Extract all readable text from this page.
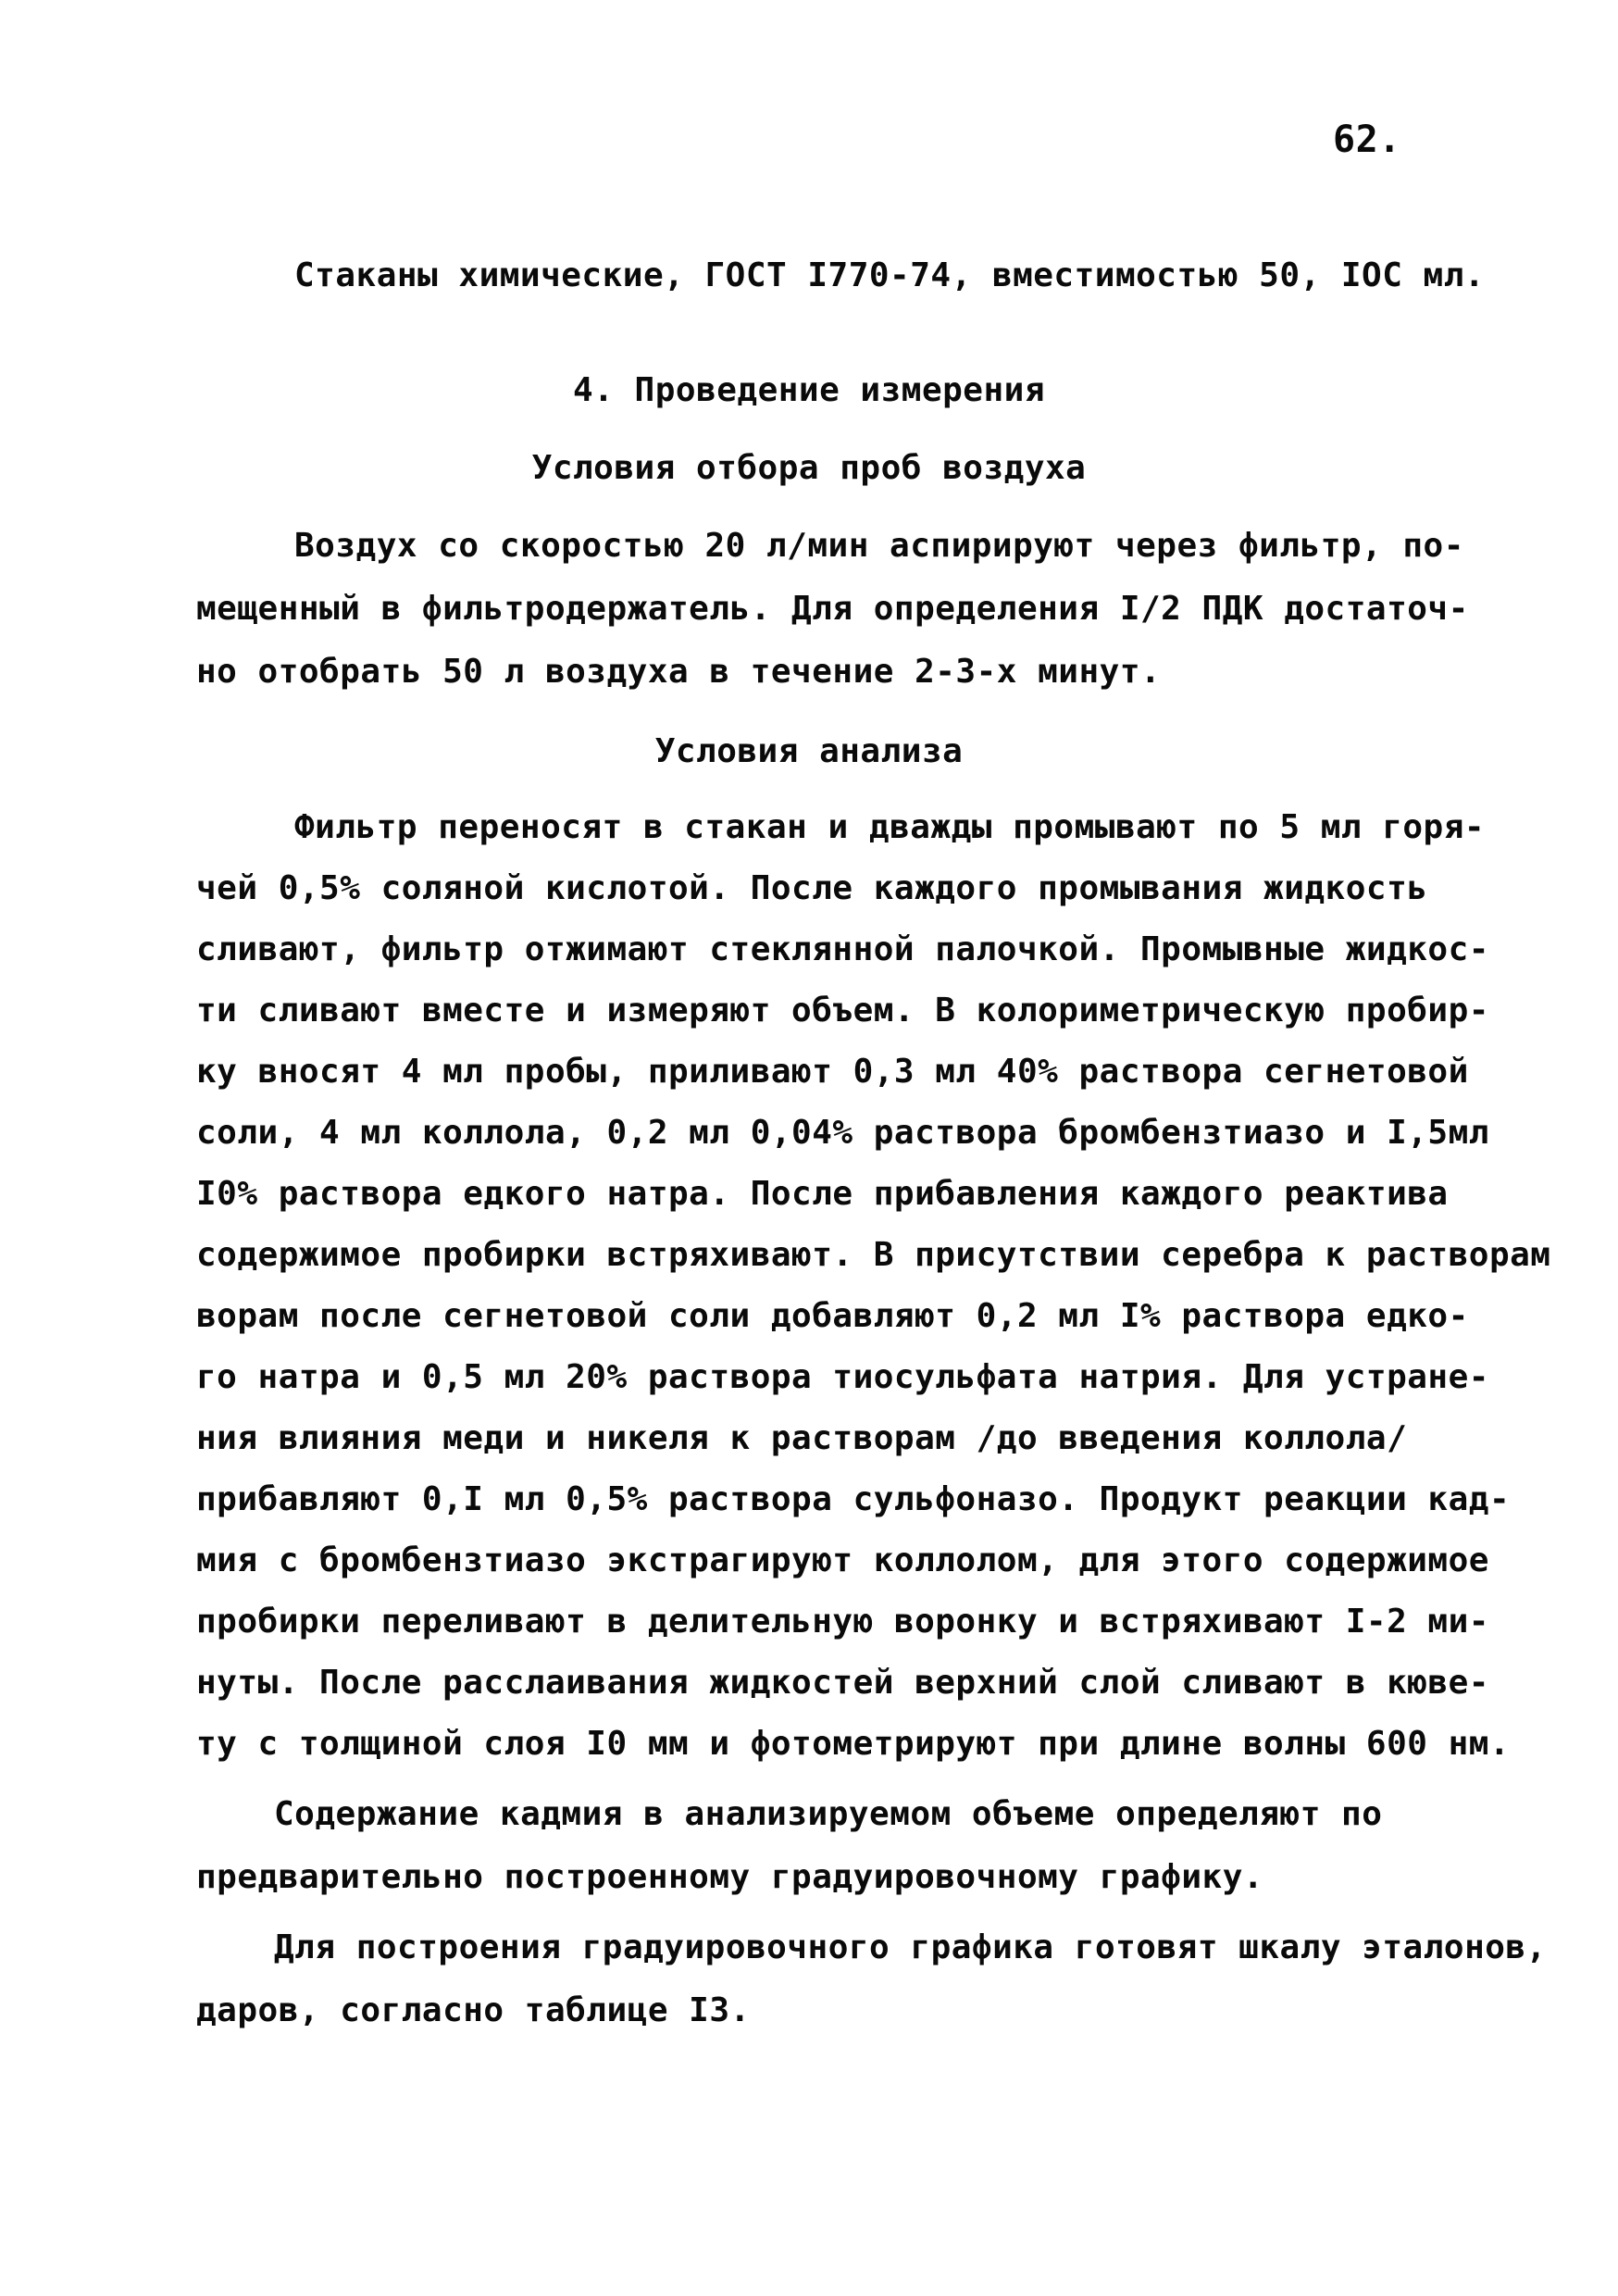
62.
Стаканы химические, ГОСТ I770-74, вместимостью 50, IOC мл.
4. Проведение измерения
Условия отбора проб воздуха
Воздух со скоростью 20 л/мин аспирируют через фильтр, по-
мещенный в фильтродержатель. Для определения I/2 ПДК достаточ-
но отобрать 50 л воздуха в течение 2-3-х минут.
Условия анализа
Фильтр переносят в стакан и дважды промывают по 5 мл горя-
чей 0,5% соляной кислотой. После каждого промывания жидкость
сливают, фильтр отжимают стеклянной палочкой. Промывные жидкос-
ти сливают вместе и измеряют объем. В колориметрическую пробир-
ку вносят 4 мл пробы, приливают 0,3 мл 40% раствора сегнетовой
соли, 4 мл коллола, 0,2 мл 0,04% раствора бромбензтиазо и I,5мл
I0% раствора едкого натра. После прибавления каждого реактива
содержимое пробирки встряхивают. В присутствии серебра к растворам
ворам после сегнетовой соли добавляют 0,2 мл I% раствора едко-
го натра и 0,5 мл 20% раствора тиосульфата натрия. Для устране-
ния влияния меди и никеля к растворам /до введения коллола/
прибавляют 0,I мл 0,5% раствора сульфоназо. Продукт реакции кад-
мия с бромбензтиазо экстрагируют коллолом, для этого содержимое
пробирки переливают в делительную воронку и встряхивают I-2 ми-
нуты. После расслаивания жидкостей верхний слой сливают в кюве-
ту с толщиной слоя I0 мм и фотометрируют при длине волны 600 нм.
Содержание кадмия в анализируемом объеме определяют по
предварительно построенному градуировочному графику.
Для построения градуировочного графика готовят шкалу эталонов,
даров, согласно таблице I3.
